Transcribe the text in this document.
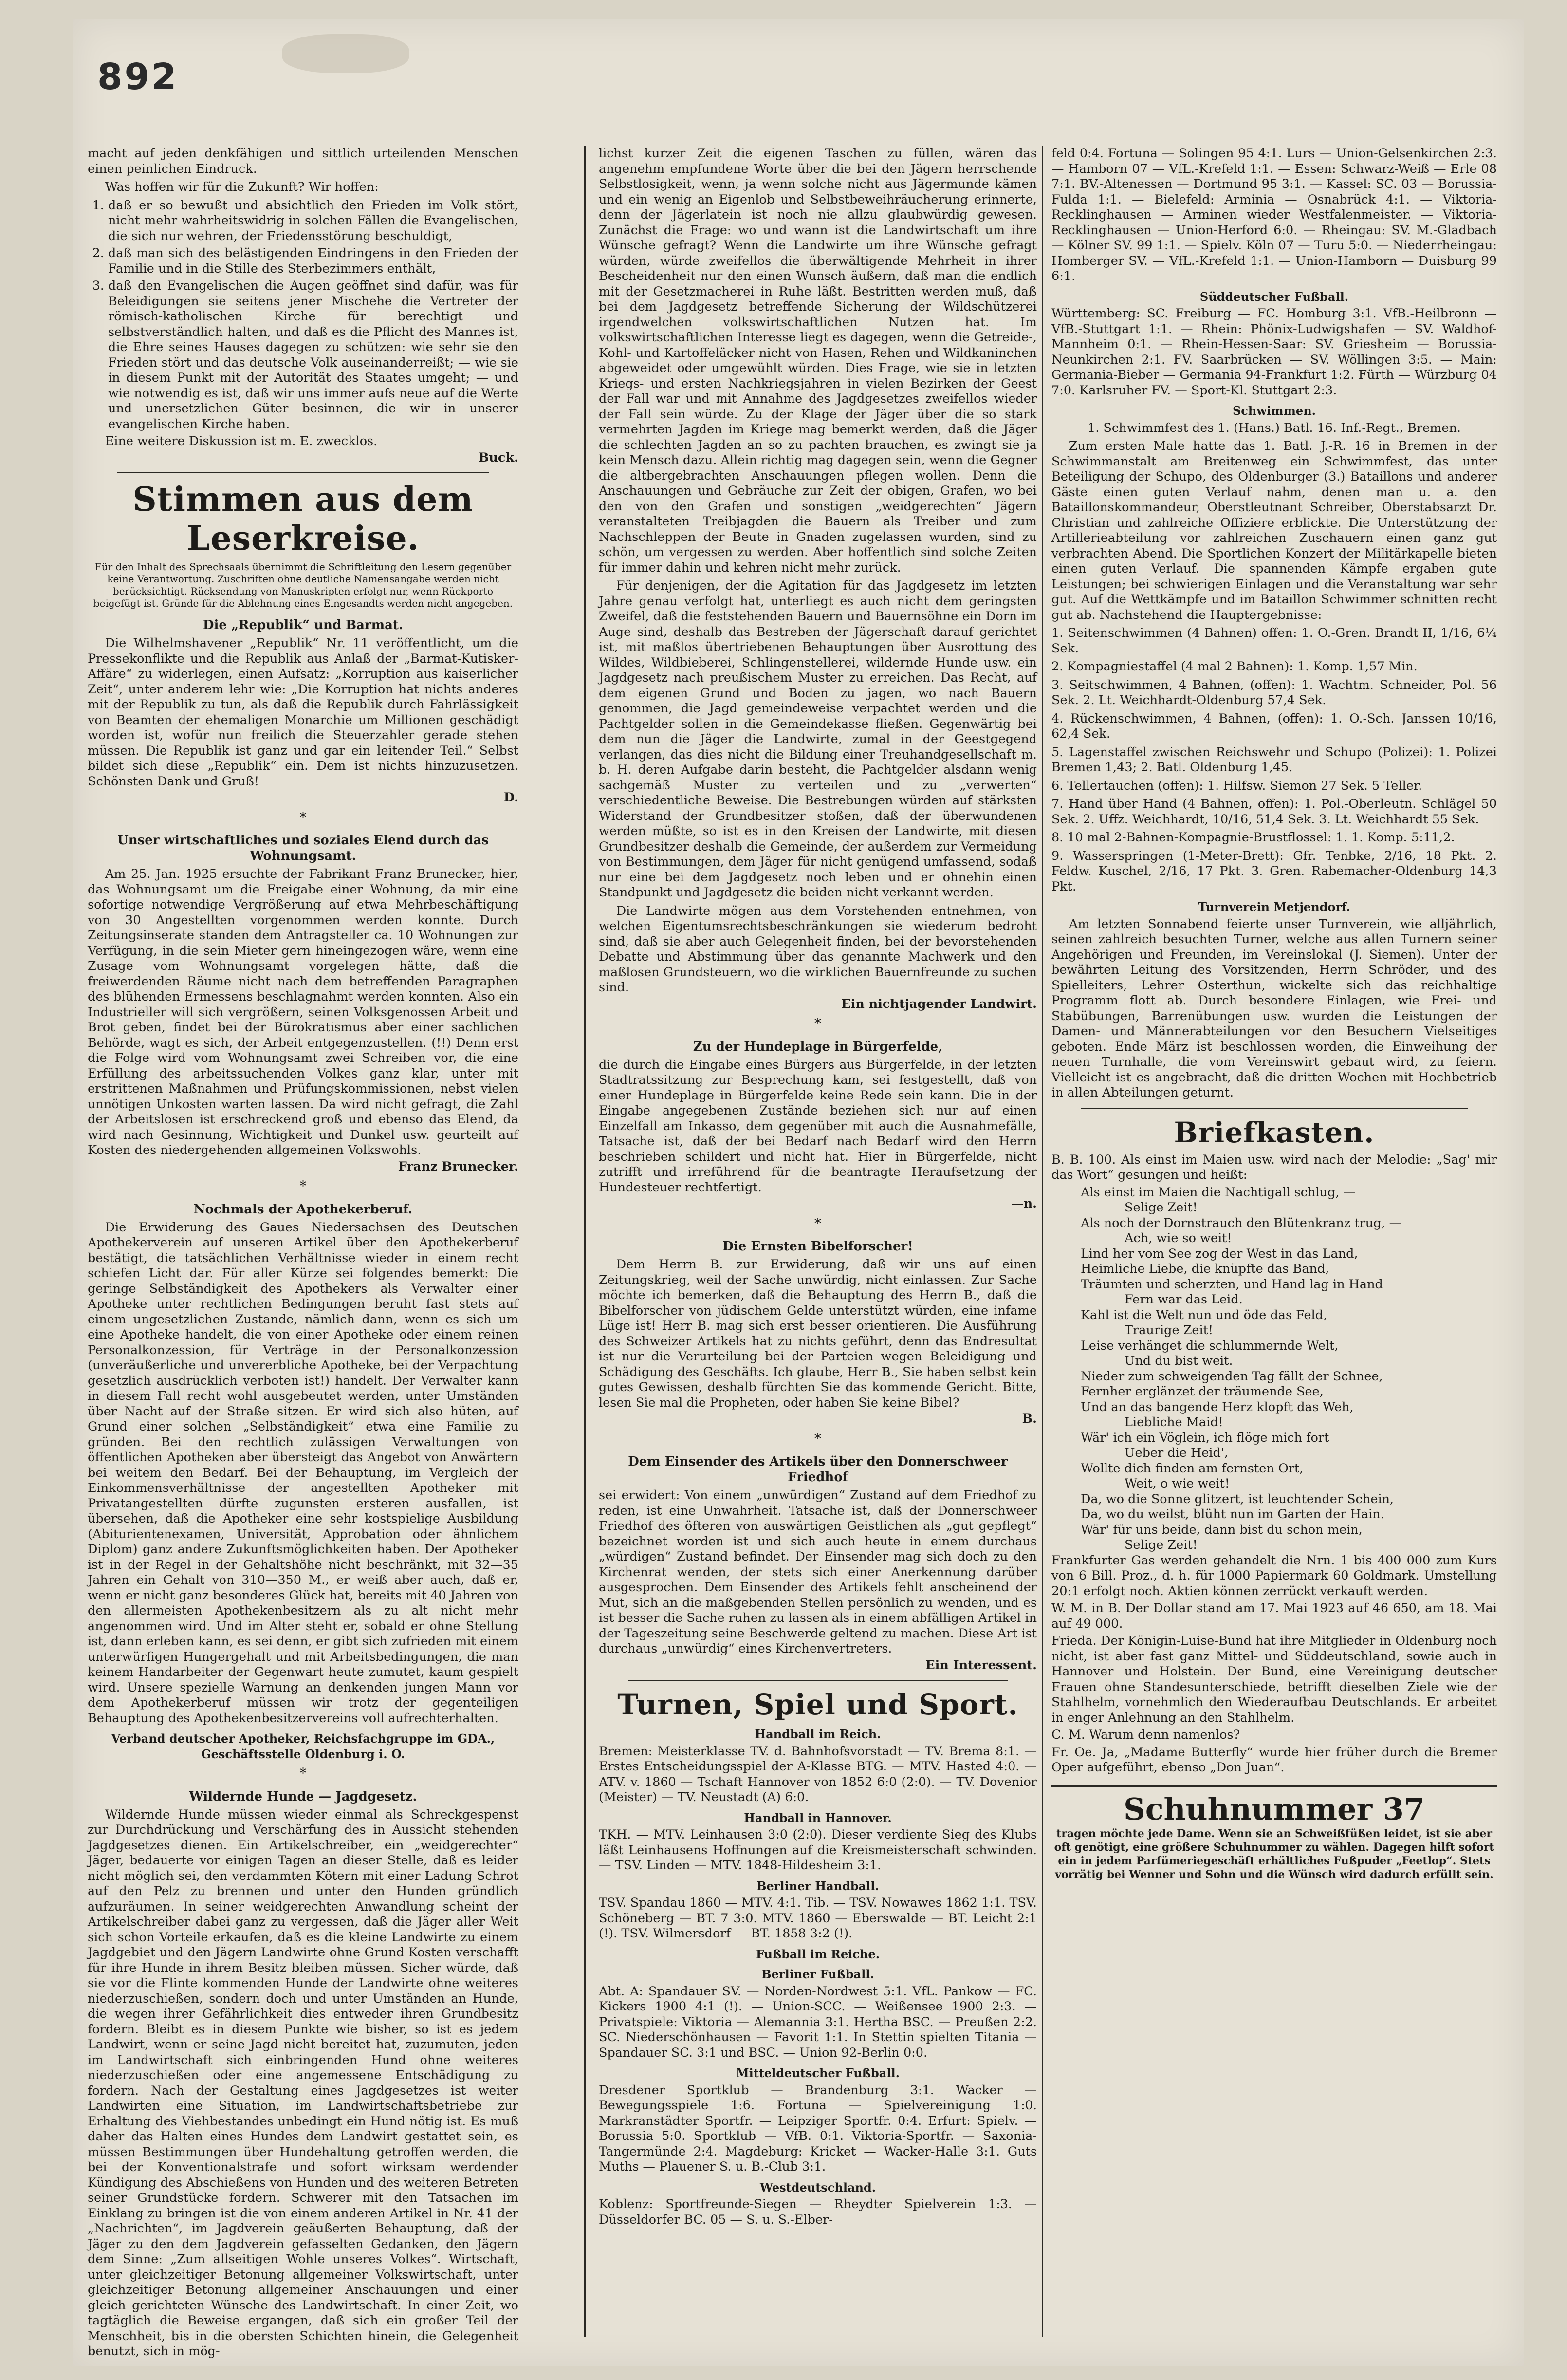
892

macht auf jeden denkfähigen und sittlich urteilenden Menschen einen peinlichen Eindruck.

Was hoffen wir für die Zukunft? Wir hoffen:

1. daß er so bewußt und absichtlich den Frieden im Volk stört, nicht mehr wahrheitswidrig in solchen Fällen die Evangelischen, die sich nur wehren, der Friedensstörung beschuldigt,
2. daß man sich des belästigenden Eindringens in den Frieden der Familie und in die Stille des Sterbezimmers enthält,
3. daß den Evangelischen die Augen geöffnet sind dafür, was für Beleidigungen sie seitens jener Mischehe die Vertreter der römisch-katholischen Kirche für berechtigt und selbstverständlich halten, und daß es die Pflicht des Mannes ist, die Ehre seines Hauses dagegen zu schützen: wie sehr sie den Frieden stört und das deutsche Volk auseinanderreißt; — wie sie in diesem Punkt mit der Autorität des Staates umgeht; — und wie notwendig es ist, daß wir uns immer aufs neue auf die Werte und unersetzlichen Güter besinnen, die wir in unserer evangelischen Kirche haben.

Eine weitere Diskussion ist m. E. zwecklos.

Buck.
Stimmen aus dem Leserkreise.
Für den Inhalt des Sprechsaals übernimmt die Schriftleitung den Lesern gegenüber keine Verantwortung. Zuschriften ohne deutliche Namensangabe werden nicht berücksichtigt. Rücksendung von Manuskripten erfolgt nur, wenn Rückporto beigefügt ist. Gründe für die Ablehnung eines Eingesandts werden nicht angegeben.
Die „Republik“ und Barmat.

Die Wilhelmshavener „Republik“ Nr. 11 veröffentlicht, um die Pressekonflikte und die Republik aus Anlaß der „Barmat-Kutisker-Affäre“ zu widerlegen, einen Aufsatz: „Korruption aus kaiserlicher Zeit“, unter anderem lehr wie: „Die Korruption hat nichts anderes mit der Republik zu tun, als daß die Republik durch Fahrlässigkeit von Beamten der ehemaligen Monarchie um Millionen geschädigt worden ist, wofür nun freilich die Steuerzahler gerade stehen müssen. Die Republik ist ganz und gar ein leitender Teil.“ Selbst bildet sich diese „Republik“ ein. Dem ist nichts hinzuzusetzen. Schönsten Dank und Gruß!

D.
*
Unser wirtschaftliches und soziales Elend durch das Wohnungsamt.

Am 25. Jan. 1925 ersuchte der Fabrikant Franz Brunecker, hier, das Wohnungsamt um die Freigabe einer Wohnung, da mir eine sofortige notwendige Vergrößerung auf etwa Mehrbeschäftigung von 30 Angestellten vorgenommen werden konnte. Durch Zeitungsinserate standen dem Antragsteller ca. 10 Wohnungen zur Verfügung, in die sein Mieter gern hineingezogen wäre, wenn eine Zusage vom Wohnungsamt vorgelegen hätte, daß die freiwerdenden Räume nicht nach dem betreffenden Paragraphen des blühenden Ermessens beschlagnahmt werden konnten. Also ein Industrieller will sich vergrößern, seinen Volksgenossen Arbeit und Brot geben, findet bei der Bürokratismus aber einer sachlichen Behörde, wagt es sich, der Arbeit entgegenzustellen. (!!) Denn erst die Folge wird vom Wohnungsamt zwei Schreiben vor, die eine Erfüllung des arbeitssuchenden Volkes ganz klar, unter mit erstrittenen Maßnahmen und Prüfungskommissionen, nebst vielen unnötigen Unkosten warten lassen. Da wird nicht gefragt, die Zahl der Arbeitslosen ist erschreckend groß und ebenso das Elend, da wird nach Gesinnung, Wichtigkeit und Dunkel usw. geurteilt auf Kosten des niedergehenden allgemeinen Volkswohls.

Franz Brunecker.
*
Nochmals der Apothekerberuf.

Die Erwiderung des Gaues Niedersachsen des Deutschen Apothekerverein auf unseren Artikel über den Apothekerberuf bestätigt, die tatsächlichen Verhältnisse wieder in einem recht schiefen Licht dar. Für aller Kürze sei folgendes bemerkt: Die geringe Selbständigkeit des Apothekers als Verwalter einer Apotheke unter rechtlichen Bedingungen beruht fast stets auf einem ungesetzlichen Zustande, nämlich dann, wenn es sich um eine Apotheke handelt, die von einer Apotheke oder einem reinen Personalkonzession, für Verträge in der Personalkonzession (unveräußerliche und unvererbliche Apotheke, bei der Verpachtung gesetzlich ausdrücklich verboten ist!) handelt. Der Verwalter kann in diesem Fall recht wohl ausgebeutet werden, unter Umständen über Nacht auf der Straße sitzen. Er wird sich also hüten, auf Grund einer solchen „Selbständigkeit“ etwa eine Familie zu gründen. Bei den rechtlich zulässigen Verwaltungen von öffentlichen Apotheken aber übersteigt das Angebot von Anwärtern bei weitem den Bedarf. Bei der Behauptung, im Vergleich der Einkommensverhältnisse der angestellten Apotheker mit Privatangestellten dürfte zugunsten ersteren ausfallen, ist übersehen, daß die Apotheker eine sehr kostspielige Ausbildung (Abiturientenexamen, Universität, Approbation oder ähnlichem Diplom) ganz andere Zukunftsmöglichkeiten haben. Der Apotheker ist in der Regel in der Gehaltshöhe nicht beschränkt, mit 32—35 Jahren ein Gehalt von 310—350 M., er weiß aber auch, daß er, wenn er nicht ganz besonderes Glück hat, bereits mit 40 Jahren von den allermeisten Apothekenbesitzern als zu alt nicht mehr angenommen wird. Und im Alter steht er, sobald er ohne Stellung ist, dann erleben kann, es sei denn, er gibt sich zufrieden mit einem unterwürfigen Hungergehalt und mit Arbeitsbedingungen, die man keinem Handarbeiter der Gegenwart heute zumutet, kaum gespielt wird. Unsere spezielle Warnung an denkenden jungen Mann vor dem Apothekerberuf müssen wir trotz der gegenteiligen Behauptung des Apothekenbesitzervereins voll aufrechterhalten.

Verband deutscher Apotheker, Reichsfachgruppe im GDA., Geschäftsstelle Oldenburg i. O.
*
Wildernde Hunde — Jagdgesetz.

Wildernde Hunde müssen wieder einmal als Schreckgespenst zur Durchdrückung und Verschärfung des in Aussicht stehenden Jagdgesetzes dienen. Ein Artikelschreiber, ein „weidgerechter“ Jäger, bedauerte vor einigen Tagen an dieser Stelle, daß es leider nicht möglich sei, den verdammten Kötern mit einer Ladung Schrot auf den Pelz zu brennen und unter den Hunden gründlich aufzuräumen. In seiner weidgerechten Anwandlung scheint der Artikelschreiber dabei ganz zu vergessen, daß die Jäger aller Weit sich schon Vorteile erkaufen, daß es die kleine Landwirte zu einem Jagdgebiet und den Jägern Landwirte ohne Grund Kosten verschafft für ihre Hunde in ihrem Besitz bleiben müssen. Sicher würde, daß sie vor die Flinte kommenden Hunde der Landwirte ohne weiteres niederzuschießen, sondern doch und unter Umständen an Hunde, die wegen ihrer Gefährlichkeit dies entweder ihren Grundbesitz fordern. Bleibt es in diesem Punkte wie bisher, so ist es jedem Landwirt, wenn er seine Jagd nicht bereitet hat, zuzumuten, jeden im Landwirtschaft sich einbringenden Hund ohne weiteres niederzuschießen oder eine angemessene Entschädigung zu fordern. Nach der Gestaltung eines Jagdgesetzes ist weiter Landwirten eine Situation, im Landwirtschaftsbetriebe zur Erhaltung des Viehbestandes unbedingt ein Hund nötig ist. Es muß daher das Halten eines Hundes dem Landwirt gestattet sein, es müssen Bestimmungen über Hundehaltung getroffen werden, die bei der Konventionalstrafe und sofort wirksam werdender Kündigung des Abschießens von Hunden und des weiteren Betreten seiner Grundstücke fordern. Schwerer mit den Tatsachen im Einklang zu bringen ist die von einem anderen Artikel in Nr. 41 der „Nachrichten“, im Jagdverein geäußerten Behauptung, daß der Jäger zu den dem Jagdverein gefasselten Gedanken, den Jägern dem Sinne: „Zum allseitigen Wohle unseres Volkes“. Wirtschaft, unter gleichzeitiger Betonung allgemeiner Volkswirtschaft, unter gleichzeitiger Betonung allgemeiner Anschauungen und einer gleich gerichteten Wünsche des Landwirtschaft. In einer Zeit, wo tagtäglich die Beweise ergangen, daß sich ein großer Teil der Menschheit, bis in die obersten Schichten hinein, die Gelegenheit benutzt, sich in mög-

lichst kurzer Zeit die eigenen Taschen zu füllen, wären das angenehm empfundene Worte über die bei den Jägern herrschende Selbstlosigkeit, wenn, ja wenn solche nicht aus Jägermunde kämen und ein wenig an Eigenlob und Selbstbeweihräucherung erinnerte, denn der Jägerlatein ist noch nie allzu glaubwürdig gewesen. Zunächst die Frage: wo und wann ist die Landwirtschaft um ihre Wünsche gefragt? Wenn die Landwirte um ihre Wünsche gefragt würden, würde zweifellos die überwältigende Mehrheit in ihrer Bescheidenheit nur den einen Wunsch äußern, daß man die endlich mit der Gesetzmacherei in Ruhe läßt. Bestritten werden muß, daß bei dem Jagdgesetz betreffende Sicherung der Wildschützerei irgendwelchen volkswirtschaftlichen Nutzen hat. Im volkswirtschaftlichen Interesse liegt es dagegen, wenn die Getreide-, Kohl- und Kartoffeläcker nicht von Hasen, Rehen und Wildkaninchen abgeweidet oder umgewühlt würden. Dies Frage, wie sie in letzten Kriegs- und ersten Nachkriegsjahren in vielen Bezirken der Geest der Fall war und mit Annahme des Jagdgesetzes zweifellos wieder der Fall sein würde. Zu der Klage der Jäger über die so stark vermehrten Jagden im Kriege mag bemerkt werden, daß die Jäger die schlechten Jagden an so zu pachten brauchen, es zwingt sie ja kein Mensch dazu. Allein richtig mag dagegen sein, wenn die Gegner die altbergebrachten Anschauungen pflegen wollen. Denn die Anschauungen und Gebräuche zur Zeit der obigen, Grafen, wo bei den von den Grafen und sonstigen „weidgerechten“ Jägern veranstalteten Treibjagden die Bauern als Treiber und zum Nachschleppen der Beute in Gnaden zugelassen wurden, sind zu schön, um vergessen zu werden. Aber hoffentlich sind solche Zeiten für immer dahin und kehren nicht mehr zurück.

Für denjenigen, der die Agitation für das Jagdgesetz im letzten Jahre genau verfolgt hat, unterliegt es auch nicht dem geringsten Zweifel, daß die feststehenden Bauern und Bauernsöhne ein Dorn im Auge sind, deshalb das Bestreben der Jägerschaft darauf gerichtet ist, mit maßlos übertriebenen Behauptungen über Ausrottung des Wildes, Wildbieberei, Schlingenstellerei, wildernde Hunde usw. ein Jagdgesetz nach preußischem Muster zu erreichen. Das Recht, auf dem eigenen Grund und Boden zu jagen, wo nach Bauern genommen, die Jagd gemeindeweise verpachtet werden und die Pachtgelder sollen in die Gemeindekasse fließen. Gegenwärtig bei dem nun die Jäger die Landwirte, zumal in der Geestgegend verlangen, das dies nicht die Bildung einer Treuhandgesellschaft m. b. H. deren Aufgabe darin besteht, die Pachtgelder alsdann wenig sachgemäß Muster zu verteilen und zu „verwerten“ verschiedentliche Beweise. Die Bestrebungen würden auf stärksten Widerstand der Grundbesitzer stoßen, daß der überwundenen werden müßte, so ist es in den Kreisen der Landwirte, mit diesen Grundbesitzer deshalb die Gemeinde, der außerdem zur Vermeidung von Bestimmungen, dem Jäger für nicht genügend umfassend, sodaß nur eine bei dem Jagdgesetz noch leben und er ohnehin einen Standpunkt und Jagdgesetz die beiden nicht verkannt werden.

Die Landwirte mögen aus dem Vorstehenden entnehmen, von welchen Eigentumsrechtsbeschränkungen sie wiederum bedroht sind, daß sie aber auch Gelegenheit finden, bei der bevorstehenden Debatte und Abstimmung über das genannte Machwerk und den maßlosen Grundsteuern, wo die wirklichen Bauernfreunde zu suchen sind.

Ein nichtjagender Landwirt.
*
Zu der Hundeplage in Bürgerfelde,

die durch die Eingabe eines Bürgers aus Bürgerfelde, in der letzten Stadtratssitzung zur Besprechung kam, sei festgestellt, daß von einer Hundeplage in Bürgerfelde keine Rede sein kann. Die in der Eingabe angegebenen Zustände beziehen sich nur auf einen Einzelfall am Inkasso, dem gegenüber mit auch die Ausnahmefälle, Tatsache ist, daß der bei Bedarf nach Bedarf wird den Herrn beschrieben schildert und nicht hat. Hier in Bürgerfelde, nicht zutrifft und irreführend für die beantragte Heraufsetzung der Hundesteuer rechtfertigt.

—n.
*
Die Ernsten Bibelforscher!

Dem Herrn B. zur Erwiderung, daß wir uns auf einen Zeitungskrieg, weil der Sache unwürdig, nicht einlassen. Zur Sache möchte ich bemerken, daß die Behauptung des Herrn B., daß die Bibelforscher von jüdischem Gelde unterstützt würden, eine infame Lüge ist! Herr B. mag sich erst besser orientieren. Die Ausführung des Schweizer Artikels hat zu nichts geführt, denn das Endresultat ist nur die Verurteilung bei der Parteien wegen Beleidigung und Schädigung des Geschäfts. Ich glaube, Herr B., Sie haben selbst kein gutes Gewissen, deshalb fürchten Sie das kommende Gericht. Bitte, lesen Sie mal die Propheten, oder haben Sie keine Bibel?

B.
*
Dem Einsender des Artikels über den Donnerschweer Friedhof

sei erwidert: Von einem „unwürdigen“ Zustand auf dem Friedhof zu reden, ist eine Unwahrheit. Tatsache ist, daß der Donnerschweer Friedhof des öfteren von auswärtigen Geistlichen als „gut gepflegt“ bezeichnet worden ist und sich auch heute in einem durchaus „würdigen“ Zustand befindet. Der Einsender mag sich doch zu den Kirchenrat wenden, der stets sich einer Anerkennung darüber ausgesprochen. Dem Einsender des Artikels fehlt anscheinend der Mut, sich an die maßgebenden Stellen persönlich zu wenden, und es ist besser die Sache ruhen zu lassen als in einem abfälligen Artikel in der Tageszeitung seine Beschwerde geltend zu machen. Diese Art ist durchaus „unwürdig“ eines Kirchenvertreters.

Ein Interessent.
Turnen, Spiel und Sport.
Handball im Reich.

Bremen: Meisterklasse TV. d. Bahnhofsvorstadt — TV. Brema 8:1. — Erstes Entscheidungsspiel der A-Klasse BTG. — MTV. Hasted 4:0. — ATV. v. 1860 — Tschaft Hannover von 1852 6:0 (2:0). — TV. Dovenior (Meister) — TV. Neustadt (A) 6:0.

Handball in Hannover.

TKH. — MTV. Leinhausen 3:0 (2:0). Dieser verdiente Sieg des Klubs läßt Leinhausens Hoffnungen auf die Kreismeisterschaft schwinden. — TSV. Linden — MTV. 1848-Hildesheim 3:1.

Berliner Handball.

TSV. Spandau 1860 — MTV. 4:1. Tib. — TSV. Nowawes 1862 1:1. TSV. Schöneberg — BT. 7 3:0. MTV. 1860 — Eberswalde — BT. Leicht 2:1 (!). TSV. Wilmersdorf — BT. 1858 3:2 (!).

Fußball im Reiche.
Berliner Fußball.

Abt. A: Spandauer SV. — Norden-Nordwest 5:1. VfL. Pankow — FC. Kickers 1900 4:1 (!). — Union-SCC. — Weißensee 1900 2:3. — Privatspiele: Viktoria — Alemannia 3:1. Hertha BSC. — Preußen 2:2. SC. Niederschönhausen — Favorit 1:1. In Stettin spielten Titania — Spandauer SC. 3:1 und BSC. — Union 92-Berlin 0:0.

Mitteldeutscher Fußball.

Dresdener Sportklub — Brandenburg 3:1. Wacker — Bewegungsspiele 1:6. Fortuna — Spielvereinigung 1:0. Markranstädter Sportfr. — Leipziger Sportfr. 0:4. Erfurt: Spielv. — Borussia 5:0. Sportklub — VfB. 0:1. Viktoria-Sportfr. — Saxonia-Tangermünde 2:4. Magdeburg: Kricket — Wacker-Halle 3:1. Guts Muths — Plauener S. u. B.-Club 3:1.

Westdeutschland.

Koblenz: Sportfreunde-Siegen — Rheydter Spielverein 1:3. — Düsseldorfer BC. 05 — S. u. S.-Elber-

feld 0:4. Fortuna — Solingen 95 4:1. Lurs — Union-Gelsenkirchen 2:3. — Hamborn 07 — VfL.-Krefeld 1:1. — Essen: Schwarz-Weiß — Erle 08 7:1. BV.-Altenessen — Dortmund 95 3:1. — Kassel: SC. 03 — Borussia-Fulda 1:1. — Bielefeld: Arminia — Osnabrück 4:1. — Viktoria-Recklinghausen — Arminen wieder Westfalenmeister. — Viktoria-Recklinghausen — Union-Herford 6:0. — Rheingau: SV. M.-Gladbach — Kölner SV. 99 1:1. — Spielv. Köln 07 — Turu 5:0. — Niederrheingau: Homberger SV. — VfL.-Krefeld 1:1. — Union-Hamborn — Duisburg 99 6:1.

Süddeutscher Fußball.

Württemberg: SC. Freiburg — FC. Homburg 3:1. VfB.-Heilbronn — VfB.-Stuttgart 1:1. — Rhein: Phönix-Ludwigshafen — SV. Waldhof-Mannheim 0:1. — Rhein-Hessen-Saar: SV. Griesheim — Borussia-Neunkirchen 2:1. FV. Saarbrücken — SV. Wöllingen 3:5. — Main: Germania-Bieber — Germania 94-Frankfurt 1:2. Fürth — Würzburg 04 7:0. Karlsruher FV. — Sport-Kl. Stuttgart 2:3.

Schwimmen.

1. Schwimmfest des 1. (Hans.) Batl. 16. Inf.-Regt., Bremen.

Zum ersten Male hatte das 1. Batl. J.-R. 16 in Bremen in der Schwimmanstalt am Breitenweg ein Schwimmfest, das unter Beteiligung der Schupo, des Oldenburger (3.) Bataillons und anderer Gäste einen guten Verlauf nahm, denen man u. a. den Bataillonskommandeur, Oberstleutnant Schreiber, Oberstabsarzt Dr. Christian und zahlreiche Offiziere erblickte. Die Unterstützung der Artillerieabteilung vor zahlreichen Zuschauern einen ganz gut verbrachten Abend. Die Sportlichen Konzert der Militärkapelle bieten einen guten Verlauf. Die spannenden Kämpfe ergaben gute Leistungen; bei schwierigen Einlagen und die Veranstaltung war sehr gut. Auf die Wettkämpfe und im Bataillon Schwimmer schnitten recht gut ab. Nachstehend die Hauptergebnisse:

1. Seitenschwimmen (4 Bahnen) offen: 1. O.-Gren. Brandt II, 1/16, 6¼ Sek.

2. Kompagniestaffel (4 mal 2 Bahnen): 1. Komp. 1,57 Min.

3. Seitschwimmen, 4 Bahnen, (offen): 1. Wachtm. Schneider, Pol. 56 Sek. 2. Lt. Weichhardt-Oldenburg 57,4 Sek.

4. Rückenschwimmen, 4 Bahnen, (offen): 1. O.-Sch. Janssen 10/16, 62,4 Sek.

5. Lagenstaffel zwischen Reichswehr und Schupo (Polizei): 1. Polizei Bremen 1,43; 2. Batl. Oldenburg 1,45.

6. Tellertauchen (offen): 1. Hilfsw. Siemon 27 Sek. 5 Teller.

7. Hand über Hand (4 Bahnen, offen): 1. Pol.-Oberleutn. Schlägel 50 Sek. 2. Uffz. Weichhardt, 10/16, 51,4 Sek. 3. Lt. Weichhardt 55 Sek.

8. 10 mal 2-Bahnen-Kompagnie-Brustflossel: 1. 1. Komp. 5:11,2.

9. Wasserspringen (1-Meter-Brett): Gfr. Tenbke, 2/16, 18 Pkt. 2. Feldw. Kuschel, 2/16, 17 Pkt. 3. Gren. Rabemacher-Oldenburg 14,3 Pkt.

Turnverein Metjendorf.

Am letzten Sonnabend feierte unser Turnverein, wie alljährlich, seinen zahlreich besuchten Turner, welche aus allen Turnern seiner Angehörigen und Freunden, im Vereinslokal (J. Siemen). Unter der bewährten Leitung des Vorsitzenden, Herrn Schröder, und des Spielleiters, Lehrer Osterthun, wickelte sich das reichhaltige Programm flott ab. Durch besondere Einlagen, wie Frei- und Stabübungen, Barrenübungen usw. wurden die Leistungen der Damen- und Männerabteilungen vor den Besuchern Vielseitiges geboten. Ende März ist beschlossen worden, die Einweihung der neuen Turnhalle, die vom Vereinswirt gebaut wird, zu feiern. Vielleicht ist es angebracht, daß die dritten Wochen mit Hochbetrieb in allen Abteilungen geturnt.

Briefkasten.

B. B. 100. Als einst im Maien usw. wird nach der Melodie: „Sag' mir das Wort“ gesungen und heißt:

Als einst im Maien die Nachtigall schlug, —

Selige Zeit!

Als noch der Dornstrauch den Blütenkranz trug, —

Ach, wie so weit!

Lind her vom See zog der West in das Land,

Heimliche Liebe, die knüpfte das Band,

Träumten und scherzten, und Hand lag in Hand

Fern war das Leid.

Kahl ist die Welt nun und öde das Feld,

Traurige Zeit!

Leise verhänget die schlummernde Welt,

Und du bist weit.

Nieder zum schweigenden Tag fällt der Schnee,

Fernher erglänzet der träumende See,

Und an das bangende Herz klopft das Weh,

Liebliche Maid!

Wär' ich ein Vöglein, ich flöge mich fort

Ueber die Heid',

Wollte dich finden am fernsten Ort,

Weit, o wie weit!

Da, wo die Sonne glitzert, ist leuchtender Schein,

Da, wo du weilst, blüht nun im Garten der Hain.

Wär' für uns beide, dann bist du schon mein,

Selige Zeit!

Frankfurter Gas werden gehandelt die Nrn. 1 bis 400 000 zum Kurs von 6 Bill. Proz., d. h. für 1000 Papiermark 60 Goldmark. Umstellung 20:1 erfolgt noch. Aktien können zerrückt verkauft werden.

W. M. in B. Der Dollar stand am 17. Mai 1923 auf 46 650, am 18. Mai auf 49 000.

Frieda. Der Königin-Luise-Bund hat ihre Mitglieder in Oldenburg noch nicht, ist aber fast ganz Mittel- und Süddeutschland, sowie auch in Hannover und Holstein. Der Bund, eine Vereinigung deutscher Frauen ohne Standesunterschiede, betrifft dieselben Ziele wie der Stahlhelm, vornehmlich den Wiederaufbau Deutschlands. Er arbeitet in enger Anlehnung an den Stahlhelm.

C. M. Warum denn namenlos?

Fr. Oe. Ja, „Madame Butterfly“ wurde hier früher durch die Bremer Oper aufgeführt, ebenso „Don Juan“.

Schuhnummer 37
tragen möchte jede Dame. Wenn sie an Schweißfüßen leidet, ist sie aber oft genötigt, eine größere Schuhnummer zu wählen. Dagegen hilft sofort ein in jedem Parfümeriegeschäft erhältliches Fußpuder „Feetlop“. Stets vorrätig bei Wenner und Sohn und die Wünsch wird dadurch erfüllt sein.
